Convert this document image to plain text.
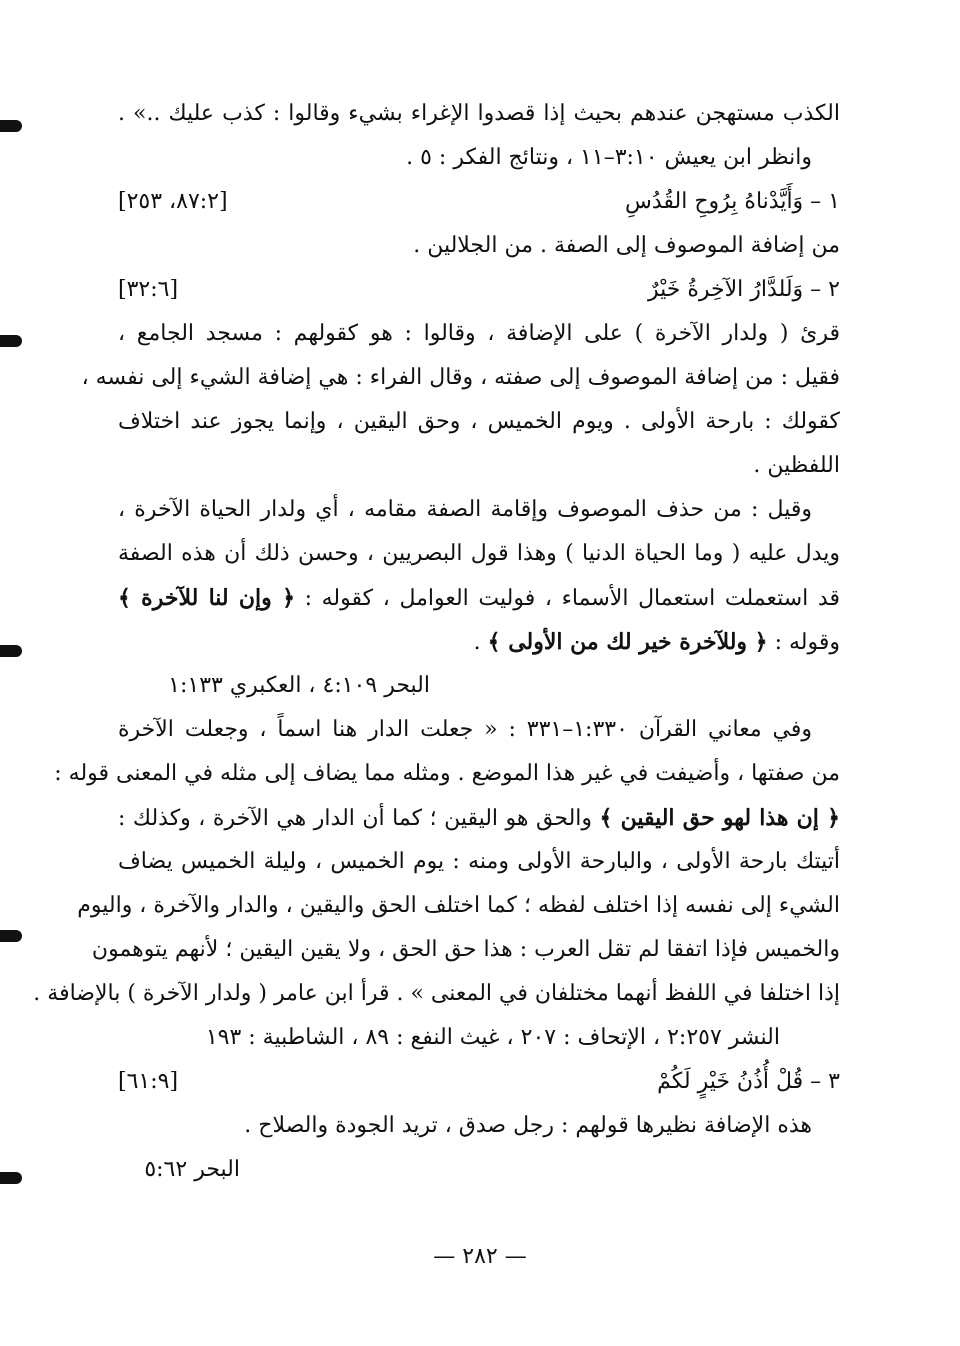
الكذب مستهجن عندهم بحيث إذا قصدوا الإغراء بشيء وقالوا : كذب عليك ..» .
وانظر ابن يعيش ٣:١٠–١١ ، ونتائج الفكر : ٥ .
١ – وَأَيَّدْناهُ بِرُوحِ القُدُسِ
[٨٧:٢، ٢٥٣]
من إضافة الموصوف إلى الصفة . من الجلالين .
٢ – وَلَلدَّارُ الآخِرةُ خَيْرٌ
[٣٢:٦]
قرئ ( ولدار الآخرة ) على الإضافة ، وقالوا : هو كقولهم : مسجد الجامع ،
فقيل : من إضافة الموصوف إلى صفته ، وقال الفراء : هي إضافة الشيء إلى نفسه ،
كقولك : بارحة الأولى . ويوم الخميس ، وحق اليقين ، وإنما يجوز عند اختلاف
اللفظين .
وقيل : من حذف الموصوف وإقامة الصفة مقامه ، أي ولدار الحياة الآخرة ،
ويدل عليه ( وما الحياة الدنيا ) وهذا قول البصريين ، وحسن ذلك أن هذه الصفة
قد استعملت استعمال الأسماء ، فوليت العوامل ، كقوله : ﴿ وإن لنا للآخرة ﴾
وقوله : ﴿ وللآخرة خير لك من الأولى ﴾ .
البحر ٤:١٠٩ ، العكبري ١:١٣٣
وفي معاني القرآن ١:٣٣٠–٣٣١ : « جعلت الدار هنا اسماً ، وجعلت الآخرة
من صفتها ، وأضيفت في غير هذا الموضع . ومثله مما يضاف إلى مثله في المعنى قوله :
﴿ إن هذا لهو حق اليقين ﴾ والحق هو اليقين ؛ كما أن الدار هي الآخرة ، وكذلك :
أتيتك بارحة الأولى ، والبارحة الأولى ومنه : يوم الخميس ، وليلة الخميس يضاف
الشيء إلى نفسه إذا اختلف لفظه ؛ كما اختلف الحق واليقين ، والدار والآخرة ، واليوم
والخميس فإذا اتفقا لم تقل العرب : هذا حق الحق ، ولا يقين اليقين ؛ لأنهم يتوهمون
إذا اختلفا في اللفظ أنهما مختلفان في المعنى » . قرأ ابن عامر ( ولدار الآخرة ) بالإضافة .
النشر ٢:٢٥٧ ، الإتحاف : ٢٠٧ ، غيث النفع : ٨٩ ، الشاطبية : ١٩٣
٣ – قُلْ أُذُنُ خَيْرٍ لَكُمْ
[٦١:٩]
هذه الإضافة نظيرها قولهم : رجل صدق ، تريد الجودة والصلاح .
البحر ٥:٦٢
— ٢٨٢ —
